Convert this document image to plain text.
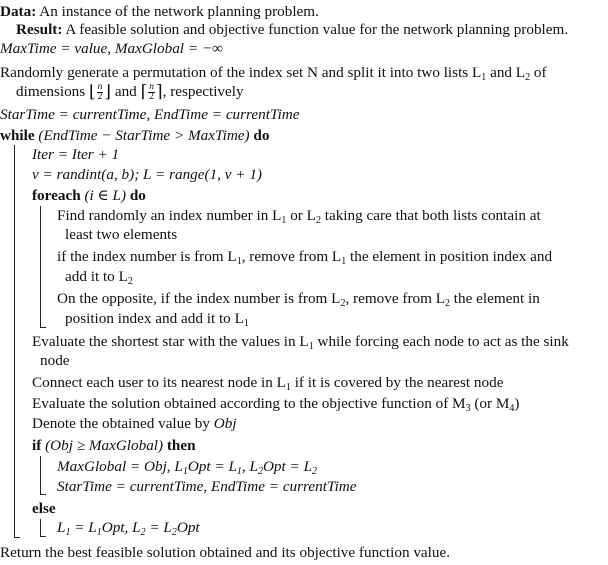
Data: An instance of the network planning problem.
Result: A feasible solution and objective function value for the network planning problem.
MaxTime = value, MaxGlobal = −∞
Randomly generate a permutation of the index set N and split it into two lists $L_1$ and $L_2$ of
dimensions ⌊ $\frac{n}{2}$ ⌋ and ⌈ $\frac{n}{2}$ ⌉, respectively
StarTime = currentTime, EndTime = currentTime
while (EndTime − StarTime > MaxTime) do
Iter = Iter + 1
v = randint(a, b); L = range(1, v + 1)
foreach (i ∈ L) do
Find randomly an index number in $L_1$ or $L_2$ taking care that both lists contain at
least two elements
if the index number is from $L_1$, remove from $L_1$ the element in position index and
add it to $L_2$
On the opposite, if the index number is from $L_2$, remove from $L_2$ the element in
position index and add it to $L_1$
Evaluate the shortest star with the values in $L_1$ while forcing each node to act as the sink
node
Connect each user to its nearest node in $L_1$ if it is covered by the nearest node
Evaluate the solution obtained according to the objective function of $M_3$ (or $M_4$)
Denote the obtained value by Obj
if (Obj ≥ MaxGlobal) then
MaxGlobal = Obj, $L_1Opt = L_1$, $L_2Opt = L_2$
StarTime = currentTime, EndTime = currentTime
else
$L_1 = L_1Opt$, $L_2 = L_2Opt$
Return the best feasible solution obtained and its objective function value.
